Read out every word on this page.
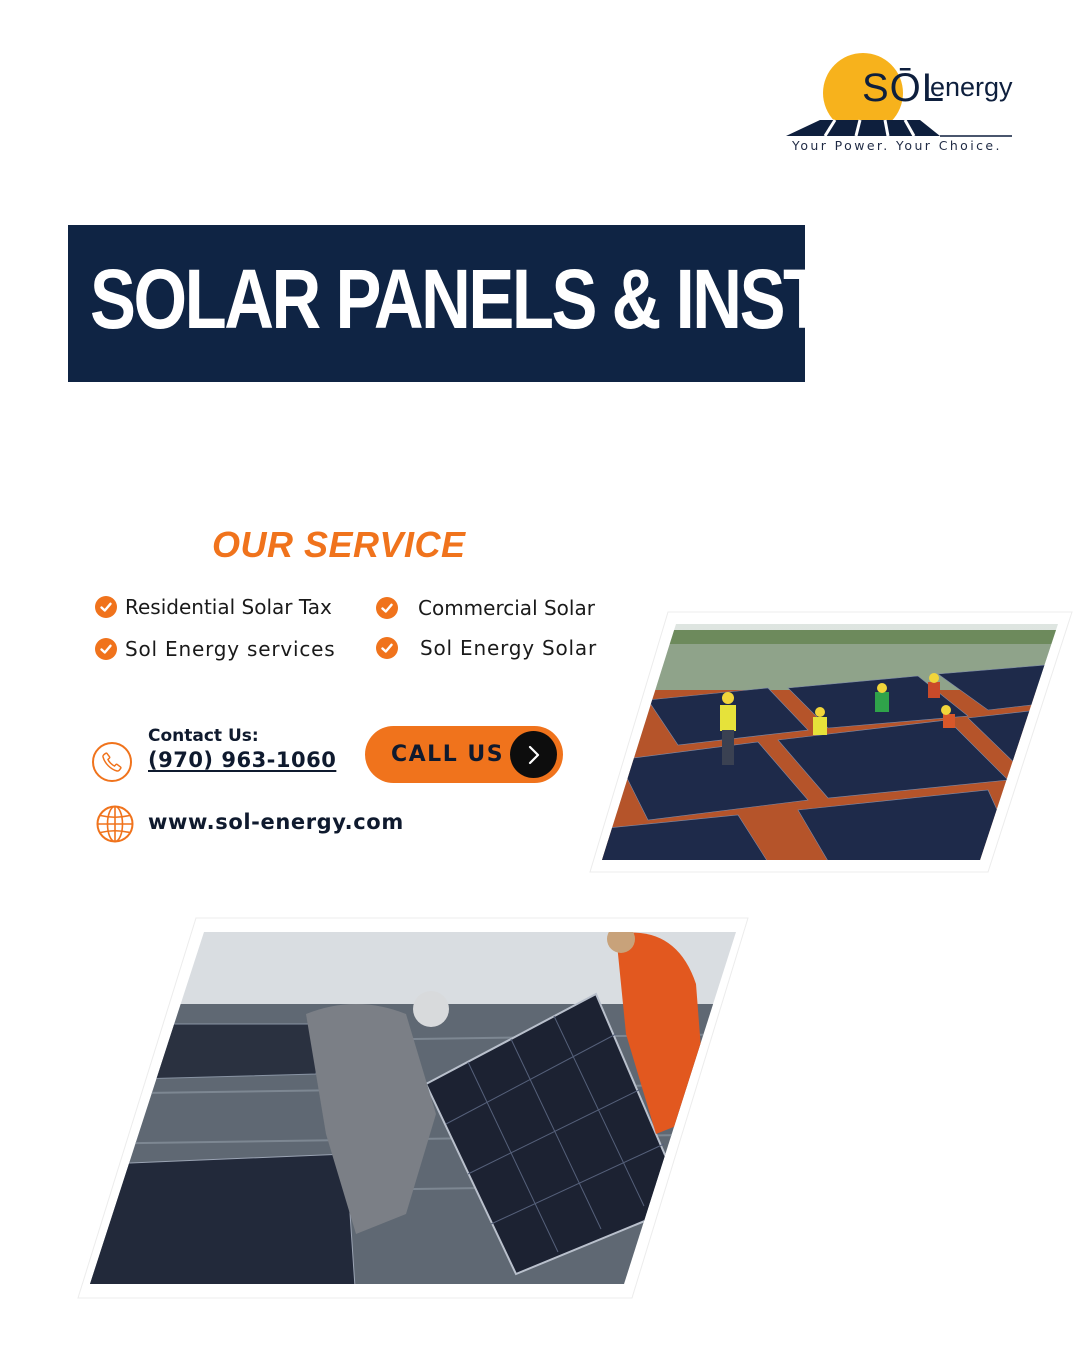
SŌL
energy
Your Power. Your Choice.
SOLAR PANELS & INSTALL
OUR SERVICE
Residential Solar Tax	Commercial Solar
Sol Energy services	Sol Energy Solar
Contact Us:
(970) 963-1060 CALL US
www.sol-energy.com
